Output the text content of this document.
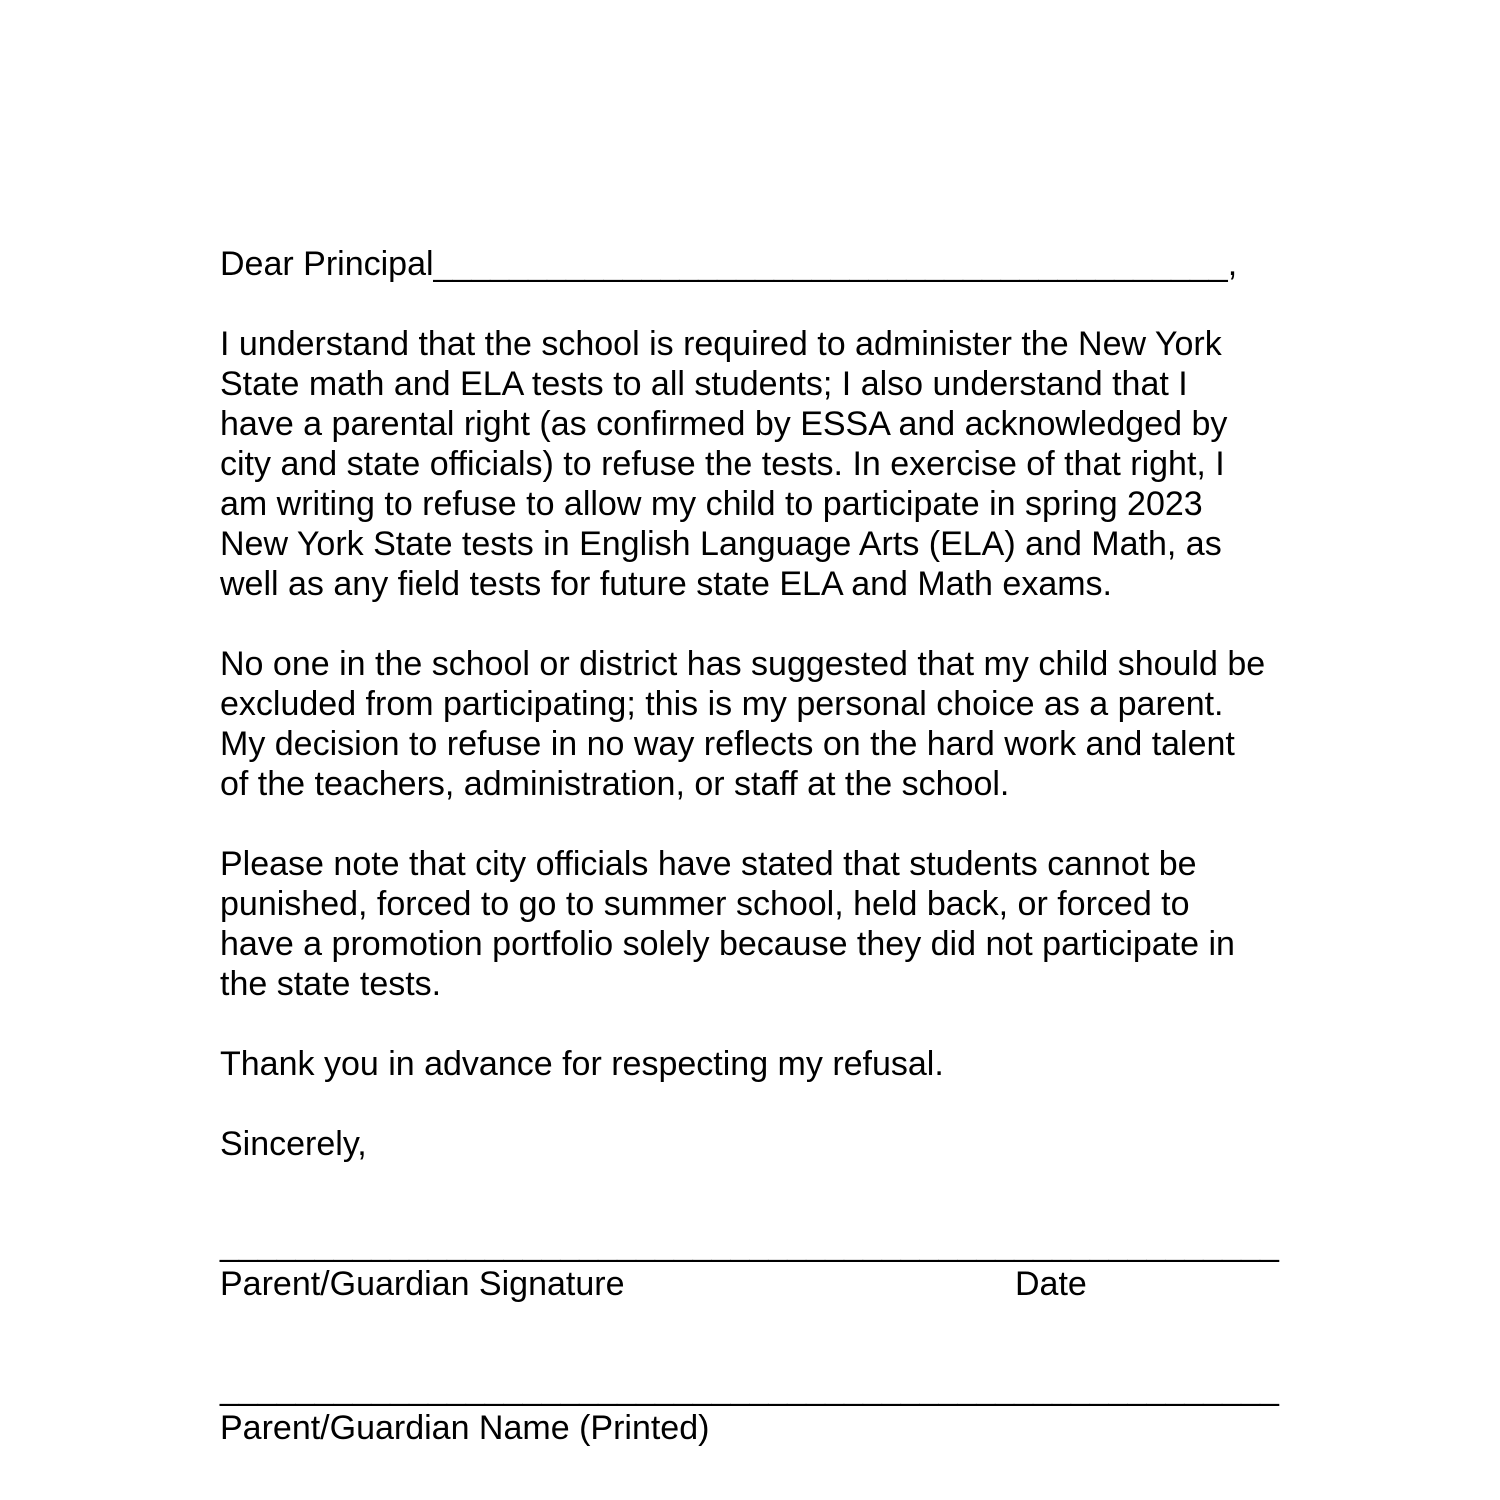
Dear Principal__________________________________________,

I understand that the school is required to administer the New York State math and ELA tests to all students; I also understand that I have a parental right (as confirmed by ESSA and acknowledged by city and state officials) to refuse the tests. In exercise of that right, I am writing to refuse to allow my child to participate in spring 2023 New York State tests in English Language Arts (ELA) and Math, as well as any field tests for future state ELA and Math exams.

No one in the school or district has suggested that my child should be excluded from participating; this is my personal choice as a parent. My decision to refuse in no way reflects on the hard work and talent of the teachers, administration, or staff at the school.

Please note that city officials have stated that students cannot be punished, forced to go to summer school, held back, or forced to have a promotion portfolio solely because they did not participate in the state tests.

Thank you in advance for respecting my refusal.

Sincerely,

________________________________________________________

Parent/Guardian Signature	Date

________________________________________________________

Parent/Guardian Name (Printed)
